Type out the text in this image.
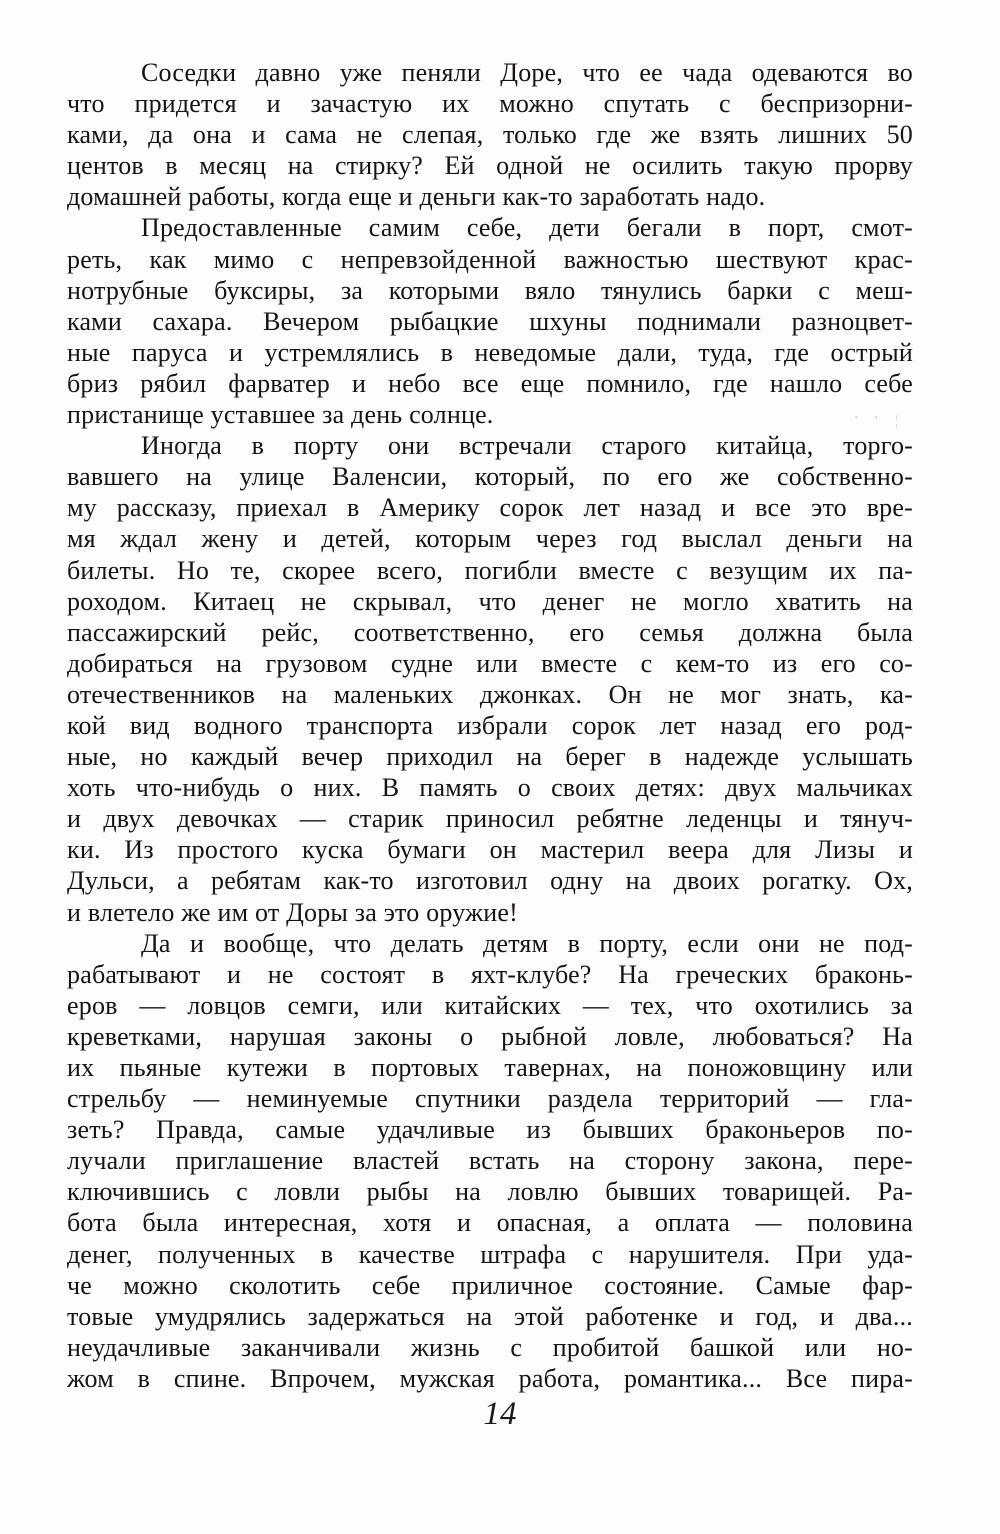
Соседки давно уже пеняли Доре, что ее чада одеваются во
что придется и зачастую их можно спутать с беспризорни-
ками, да она и сама не слепая, только где же взять лишних 50
центов в месяц на стирку? Ей одной не осилить такую прорву
домашней работы, когда еще и деньги как-то заработать надо.
Предоставленные самим себе, дети бегали в порт, смот-
реть, как мимо с непревзойденной важностью шествуют крас-
нотрубные буксиры, за которыми вяло тянулись барки с меш-
ками сахара. Вечером рыбацкие шхуны поднимали разноцвет-
ные паруса и устремлялись в неведомые дали, туда, где острый
бриз рябил фарватер и небо все еще помнило, где нашло себе
пристанище уставшее за день солнце.
Иногда в порту они встречали старого китайца, торго-
вавшего на улице Валенсии, который, по его же собственно-
му рассказу, приехал в Америку сорок лет назад и все это вре-
мя ждал жену и детей, которым через год выслал деньги на
билеты. Но те, скорее всего, погибли вместе с везущим их па-
роходом. Китаец не скрывал, что денег не могло хватить на
пассажирский рейс, соответственно, его семья должна была
добираться на грузовом судне или вместе с кем-то из его со-
отечественников на маленьких джонках. Он не мог знать, ка-
кой вид водного транспорта избрали сорок лет назад его род-
ные, но каждый вечер приходил на берег в надежде услышать
хоть что-нибудь о них. В память о своих детях: двух мальчиках
и двух девочках — старик приносил ребятне леденцы и тянуч-
ки. Из простого куска бумаги он мастерил веера для Лизы и
Дульси, а ребятам как-то изготовил одну на двоих рогатку. Ох,
и влетело же им от Доры за это оружие!
Да и вообще, что делать детям в порту, если они не под-
рабатывают и не состоят в яхт-клубе? На греческих браконь-
еров — ловцов семги, или китайских — тех, что охотились за
креветками, нарушая законы о рыбной ловле, любоваться? На
их пьяные кутежи в портовых тавернах, на поножовщину или
стрельбу — неминуемые спутники раздела территорий — гла-
зеть? Правда, самые удачливые из бывших браконьеров по-
лучали приглашение властей встать на сторону закона, пере-
ключившись с ловли рыбы на ловлю бывших товарищей. Ра-
бота была интересная, хотя и опасная, а оплата — половина
денег, полученных в качестве штрафа с нарушителя. При уда-
че можно сколотить себе приличное состояние. Самые фар-
товые умудрялись задержаться на этой работенке и год, и два...
неудачливые заканчивали жизнь с пробитой башкой или но-
жом в спине. Впрочем, мужская работа, романтика... Все пира-
' ' ¦
14
